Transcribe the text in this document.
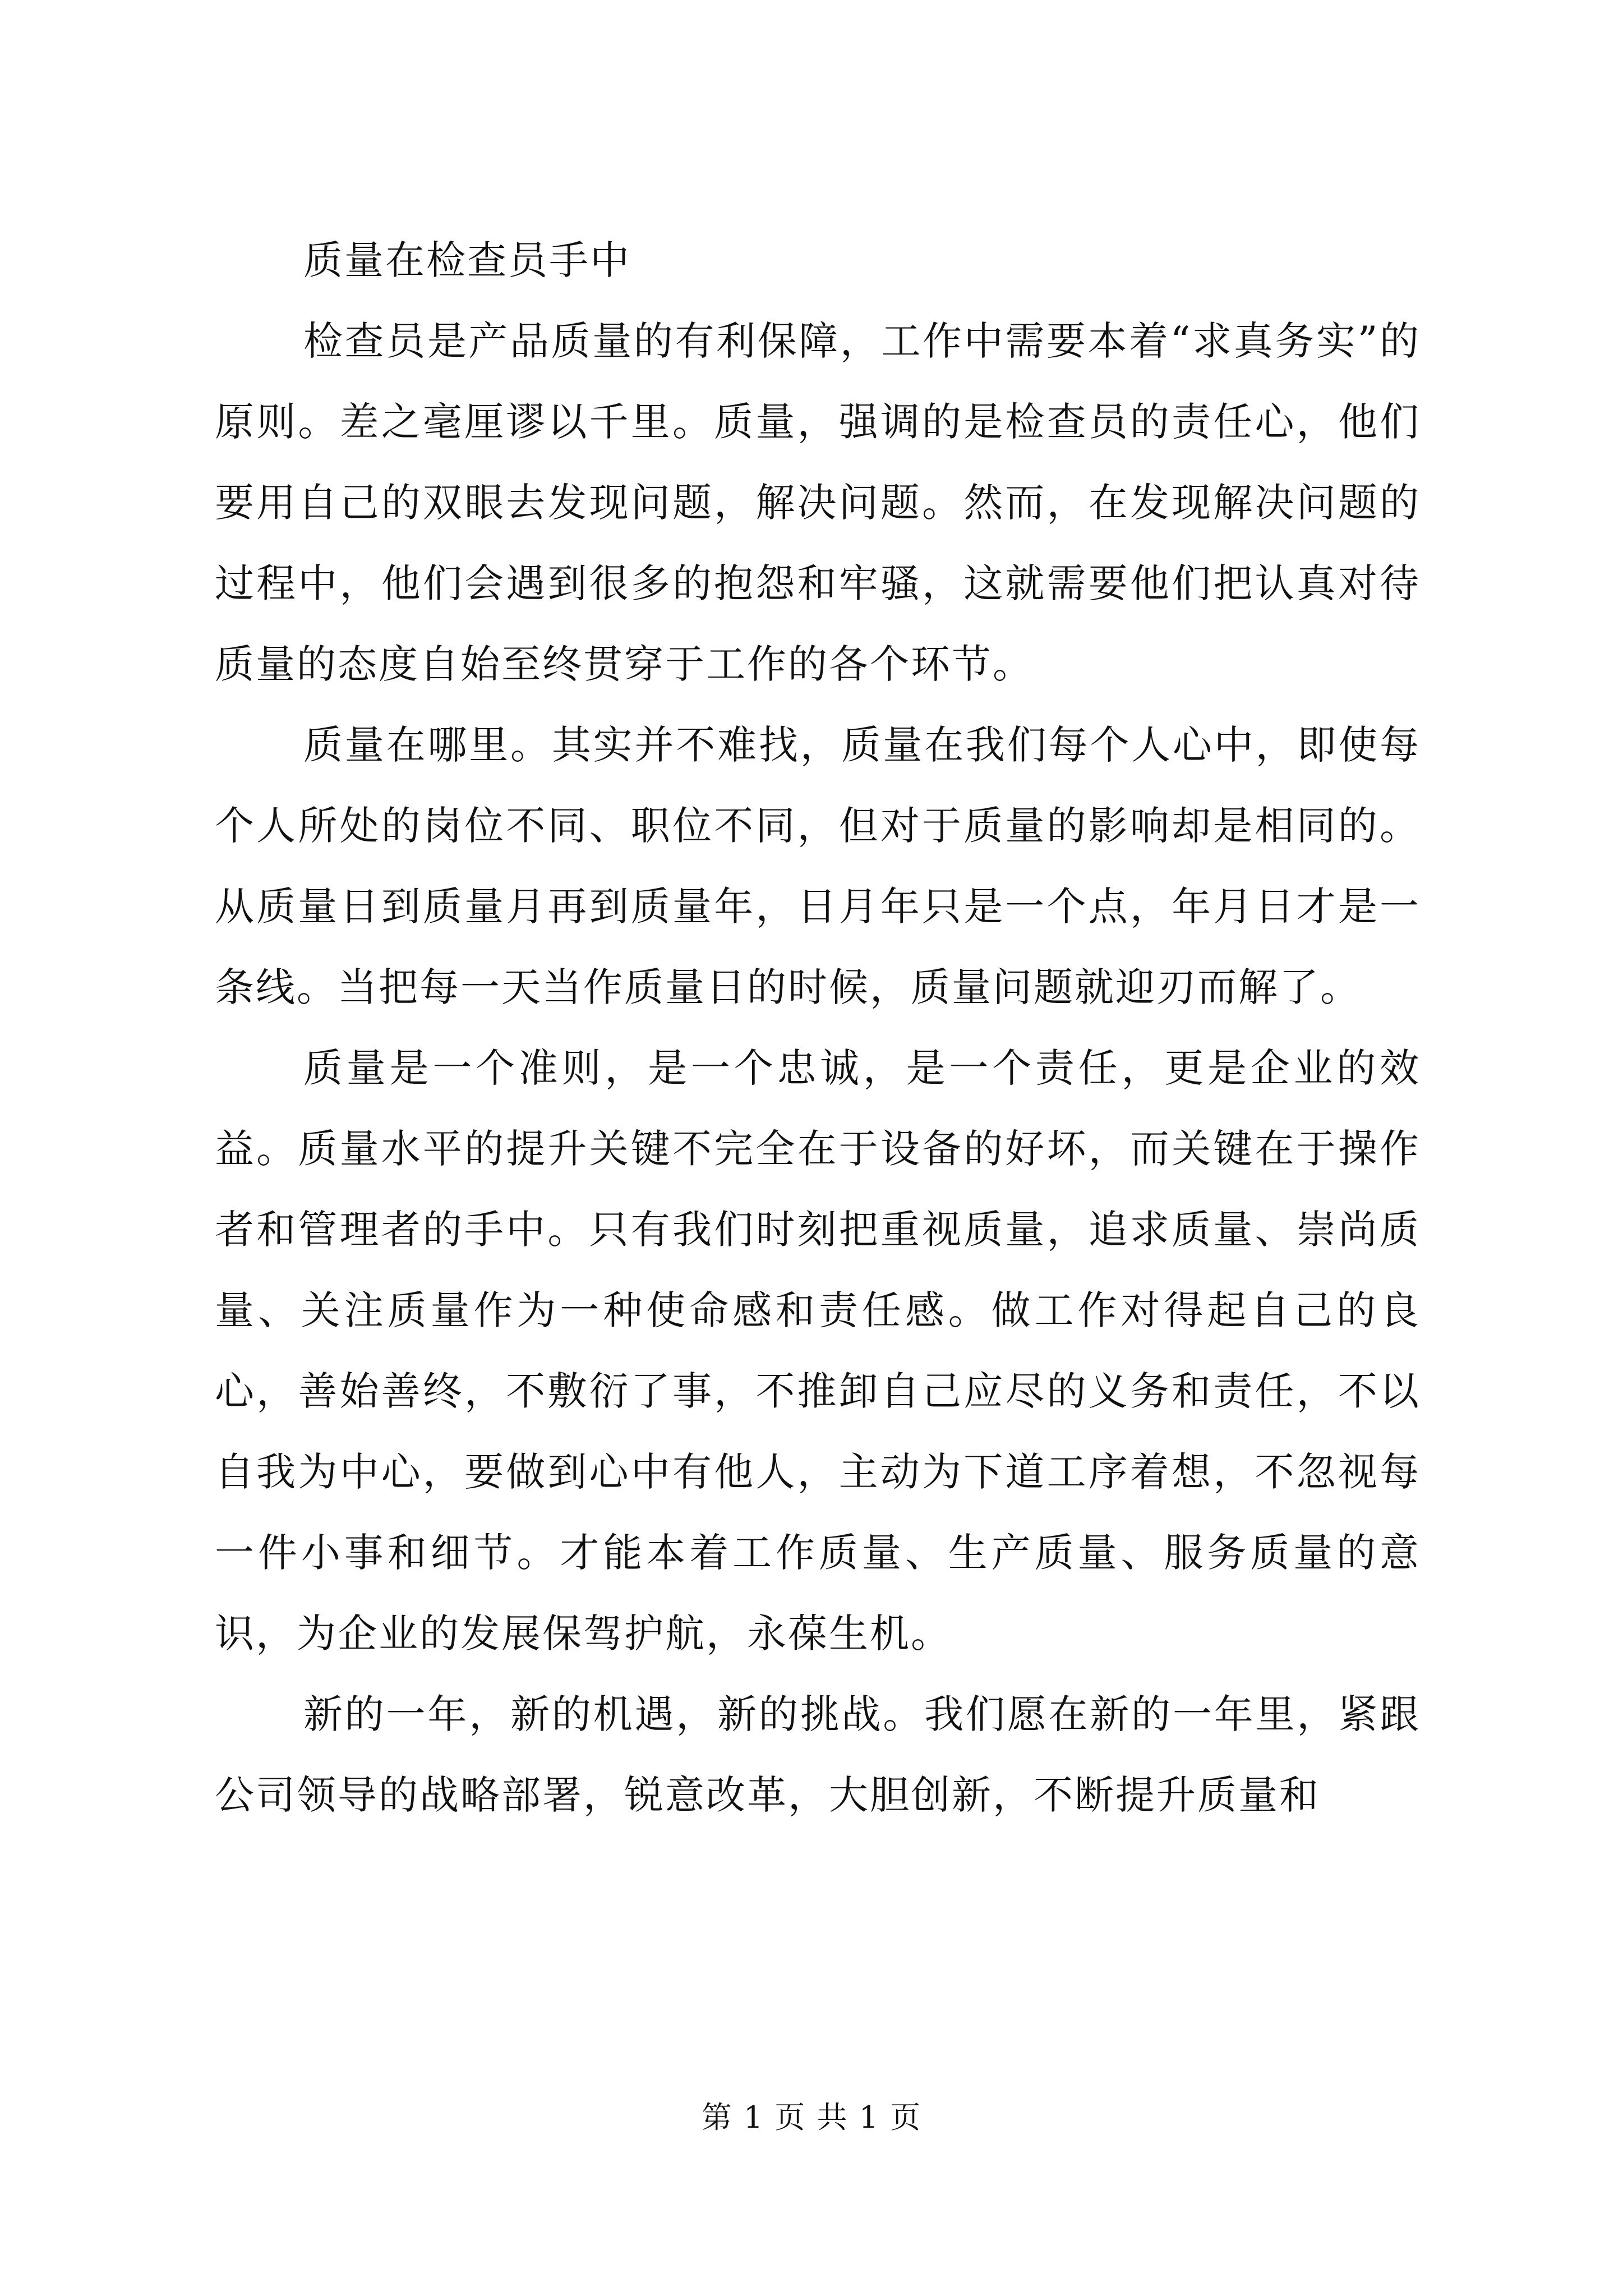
质量在检查员手中

检查员是产品质量的有利保障，工作中需要本着“求真务实”的原则。差之毫厘谬以千里。质量，强调的是检查员的责任心，他们要用自己的双眼去发现问题，解决问题。然而，在发现解决问题的过程中，他们会遇到很多的抱怨和牢骚，这就需要他们把认真对待质量的态度自始至终贯穿于工作的各个环节。

质量在哪里。其实并不难找，质量在我们每个人心中，即使每个人所处的岗位不同、职位不同，但对于质量的影响却是相同的。从质量日到质量月再到质量年，日月年只是一个点，年月日才是一条线。当把每一天当作质量日的时候，质量问题就迎刃而解了。

质量是一个准则，是一个忠诚，是一个责任，更是企业的效益。质量水平的提升关键不完全在于设备的好坏，而关键在于操作者和管理者的手中。只有我们时刻把重视质量，追求质量、崇尚质量、关注质量作为一种使命感和责任感。做工作对得起自己的良心，善始善终，不敷衍了事，不推卸自己应尽的义务和责任，不以自我为中心，要做到心中有他人，主动为下道工序着想，不忽视每一件小事和细节。才能本着工作质量、生产质量、服务质量的意识，为企业的发展保驾护航，永葆生机。

新的一年，新的机遇，新的挑战。我们愿在新的一年里，紧跟公司领导的战略部署，锐意改革，大胆创新，不断提升质量和

第 1 页 共 1 页
